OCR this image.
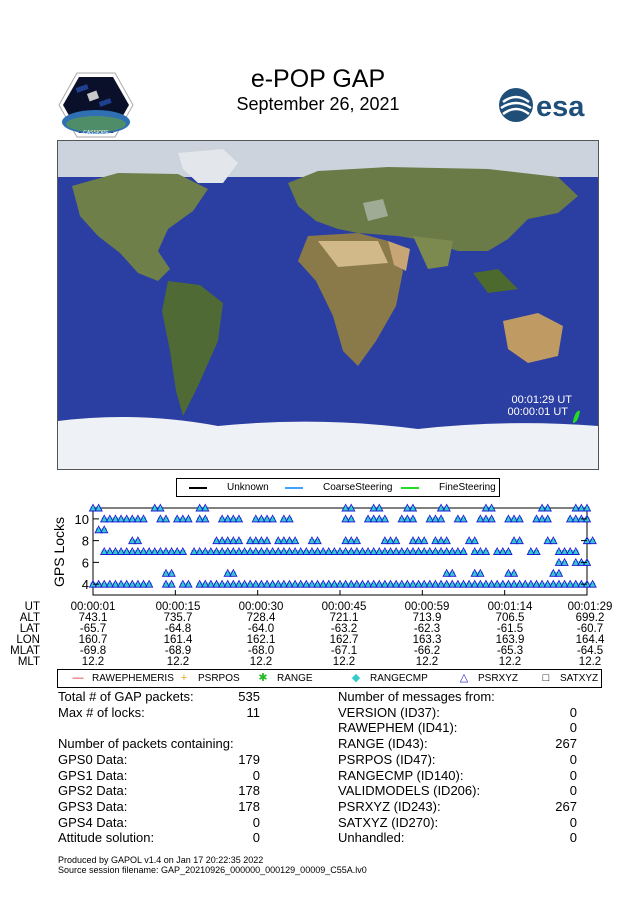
CASSIOPE
e-POP GAP
September 26, 2021	esa
00:01:29 UT
00:00:01 UT
Unknown	CoarseSteering	FineSteering
4
6
8
10
GPS Locks
UT	00:00:01	00:00:15	00:00:30	00:00:45	00:00:59	00:01:14	00:01:29
ALT	743.1	735.7	728.4	721.1	713.9	706.5	699.2
LAT	-65.7	-64.8	-64.0	-63.2	-62.3	-61.5	-60.7
LON	160.7	161.4	162.1	162.7	163.3	163.9	164.4
MLAT	-69.8	-68.9	-68.0	-67.1	-66.2	-65.3	-64.5
MLT	12.2	12.2	12.2	12.2	12.2	12.2	12.2
— RAWEPHEMERIS +	PSRPOS	✱ RANGE	◆ RANGECMP	△ PSRXYZ	□	SATXYZ
Total # of GAP packets:	535
Max # of locks:	11
Number of packets containing:
GPS0 Data:	179
GPS1 Data:	0
GPS2 Data:	178
GPS3 Data:	178
GPS4 Data:	0
Attitude solution:	0
Number of messages from:
VERSION (ID37):	0
RAWEPHEM (ID41):	0
RANGE (ID43):	267
PSRPOS (ID47):	0
RANGECMP (ID140):	0
VALIDMODELS (ID206):	0
PSRXYZ (ID243):	267
SATXYZ (ID270):	0
Unhandled:	0
Produced by GAPOL v1.4 on Jan 17 20:22:35 2022
Source session filename: GAP_20210926_000000_000129_00009_C55A.lv0
